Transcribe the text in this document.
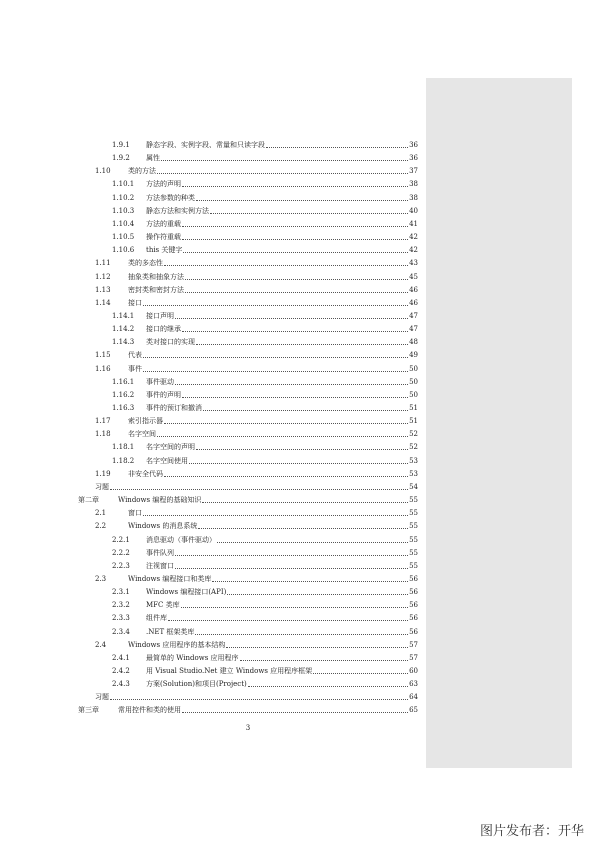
1.9.1 静态字段、实例字段、常量和只读字段	36
1.9.2 属性	36
1.10 类的方法	37
1.10.1 方法的声明	38
1.10.2 方法参数的种类	38
1.10.3 静态方法和实例方法	40
1.10.4 方法的重载	41
1.10.5 操作符重载	42
1.10.6 this 关键字	42
1.11 类的多态性	43
1.12 抽象类和抽象方法	45
1.13 密封类和密封方法	46
1.14 接口	46
1.14.1 接口声明	47
1.14.2 接口的继承	47
1.14.3 类对接口的实现	48
1.15 代表	49
1.16 事件	50
1.16.1 事件驱动	50
1.16.2 事件的声明	50
1.16.3 事件的预订和撤消	51
1.17 索引指示器	51
1.18 名字空间	52
1.18.1 名字空间的声明	52
1.18.2 名字空间使用	53
1.19 非安全代码	53
习题	54
第二章	Windows 编程的基础知识	55
2.1	窗口	55
2.2	Windows 的消息系统	55
2.2.1 消息驱动（事件驱动）	55
2.2.2 事件队列	55
2.2.3 注视窗口	55
2.3	Windows 编程接口和类库	56
2.3.1 Windows 编程接口(API)	56
2.3.2 MFC 类库	56
2.3.3 组件库	56
2.3.4 .NET 框架类库	56
2.4	Windows 应用程序的基本结构	57
2.4.1 最简单的 Windows 应用程序	57
2.4.2 用 Visual Studio.Net 建立 Windows 应用程序框架	60
2.4.3 方案(Solution)和项目(Project)	63
习题	64
第三章	常用控件和类的使用	65
3
图片发布者：开华
